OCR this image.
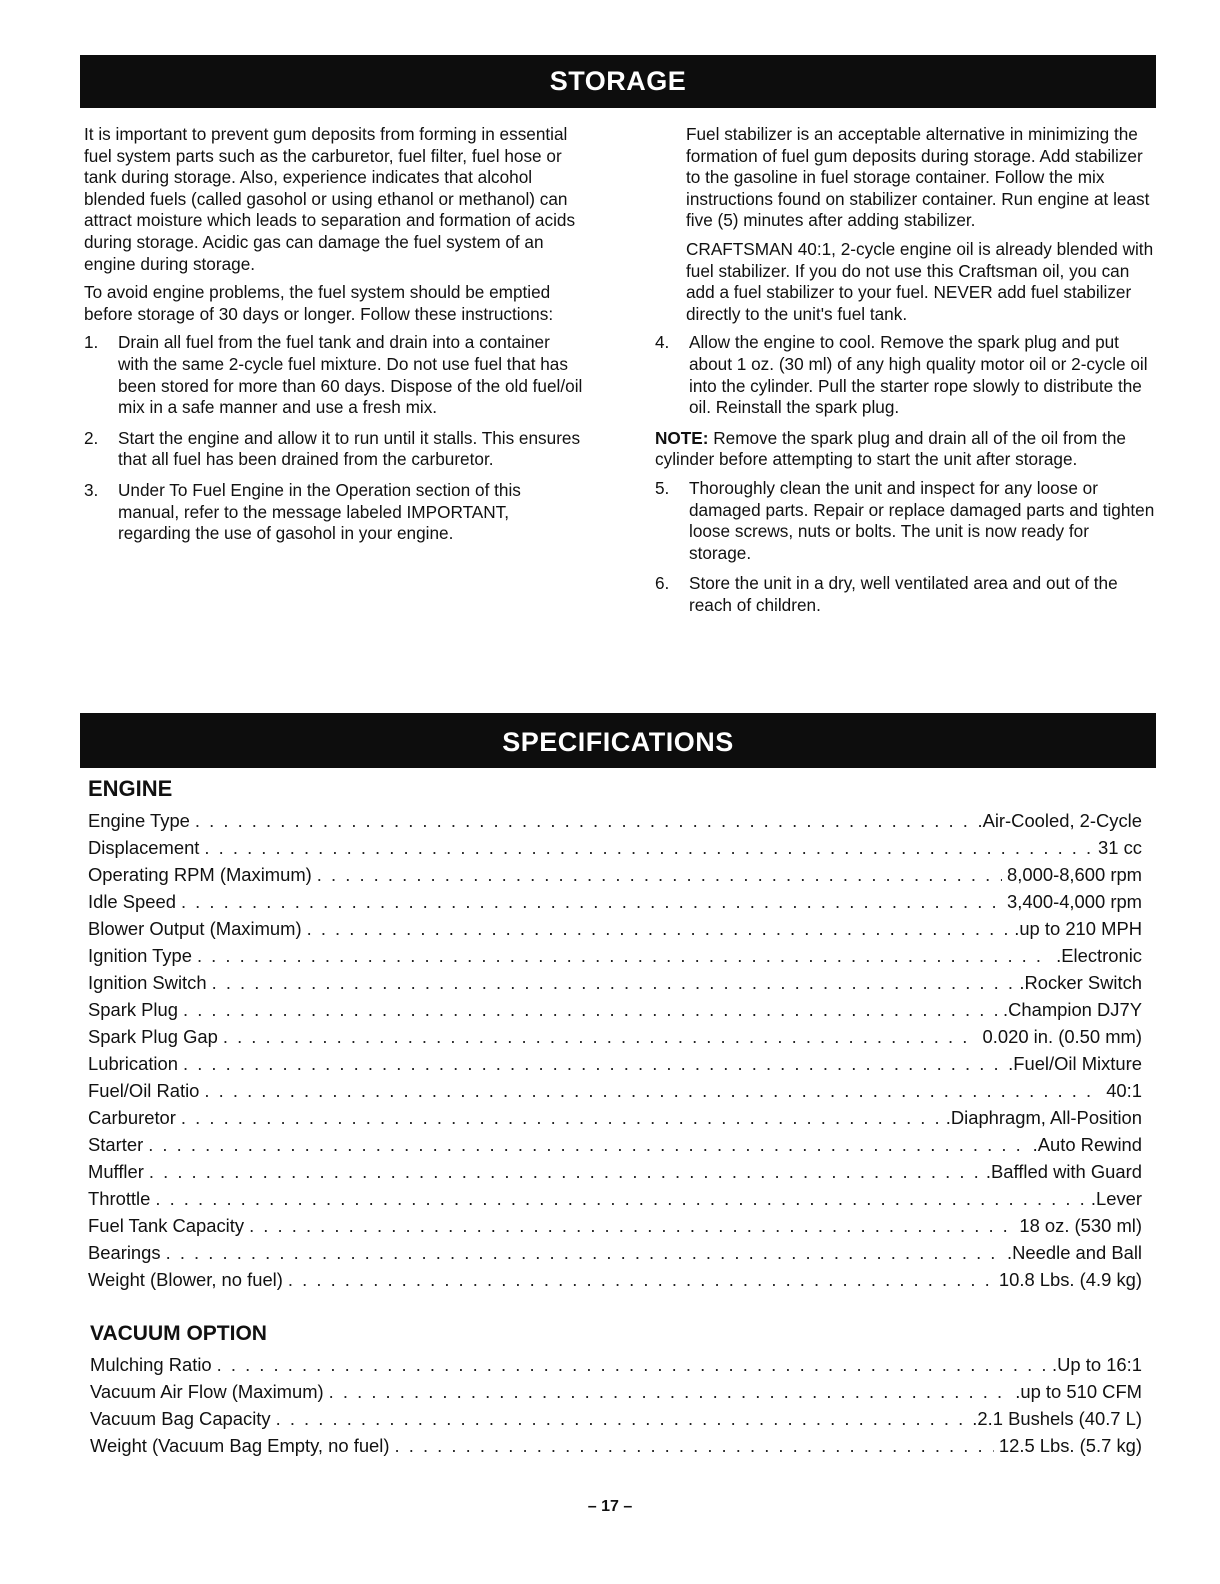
STORAGE

It is important to prevent gum deposits from forming in essential fuel system parts such as the carburetor, fuel filter, fuel hose or tank during storage. Also, experience indicates that alcohol blended fuels (called gasohol or using ethanol or methanol) can attract moisture which leads to separation and formation of acids during storage. Acidic gas can damage the fuel system of an engine during storage.

To avoid engine problems, the fuel system should be emptied before storage of 30 days or longer. Follow these instructions:

1.	Drain all fuel from the fuel tank and drain into a container with the same 2-cycle fuel mixture. Do not use fuel that has been stored for more than 60 days. Dispose of the old fuel/oil mix in a safe manner and use a fresh mix.
2.	Start the engine and allow it to run until it stalls. This ensures that all fuel has been drained from the carburetor.
3.	Under To Fuel Engine in the Operation section of this manual, refer to the message labeled IMPORTANT, regarding the use of gasohol in your engine.

Fuel stabilizer is an acceptable alternative in minimizing the formation of fuel gum deposits during storage. Add stabilizer to the gasoline in fuel storage container. Follow the mix instructions found on stabilizer container. Run engine at least five (5) minutes after adding stabilizer.

CRAFTSMAN 40:1, 2-cycle engine oil is already blended with fuel stabilizer. If you do not use this Craftsman oil, you can add a fuel stabilizer to your fuel. NEVER add fuel stabilizer directly to the unit's fuel tank.

4.	Allow the engine to cool. Remove the spark plug and put about 1 oz. (30 ml) of any high quality motor oil or 2-cycle oil into the cylinder. Pull the starter rope slowly to distribute the oil. Reinstall the spark plug.

NOTE: Remove the spark plug and drain all of the oil from the cylinder before attempting to start the unit after storage.

5.	Thoroughly clean the unit and inspect for any loose or damaged parts. Repair or replace damaged parts and tighten loose screws, nuts or bolts. The unit is now ready for storage.
6.	Store the unit in a dry, well ventilated area and out of the reach of children.
SPECIFICATIONS
ENGINE
Engine Type . . .	.Air-Cooled, 2-Cycle
Displacement . . .	31 cc
Operating RPM (Maximum) . . .	8,000-8,600 rpm
Idle Speed . . .	3,400-4,000 rpm
Blower Output (Maximum) . . .	.up to 210 MPH
Ignition Type . . .	.Electronic
Ignition Switch . . .	.Rocker Switch
Spark Plug . . .	.Champion DJ7Y
Spark Plug Gap . . .	0.020 in. (0.50 mm)
Lubrication . . .	.Fuel/Oil Mixture
Fuel/Oil Ratio . . .	40:1
Carburetor . . .	.Diaphragm, All-Position
Starter . . .	.Auto Rewind
Muffler . . .	.Baffled with Guard
Throttle . . .	.Lever
Fuel Tank Capacity . . .	18 oz. (530 ml)
Bearings . . .	.Needle and Ball
Weight (Blower, no fuel) . . .	10.8 Lbs. (4.9 kg)
VACUUM OPTION
Mulching Ratio . . .	.Up to 16:1
Vacuum Air Flow (Maximum) . . .	.up to 510 CFM
Vacuum Bag Capacity . . .	.2.1 Bushels (40.7 L)
Weight (Vacuum Bag Empty, no fuel) . . .	12.5 Lbs. (5.7 kg)
– 17 –
